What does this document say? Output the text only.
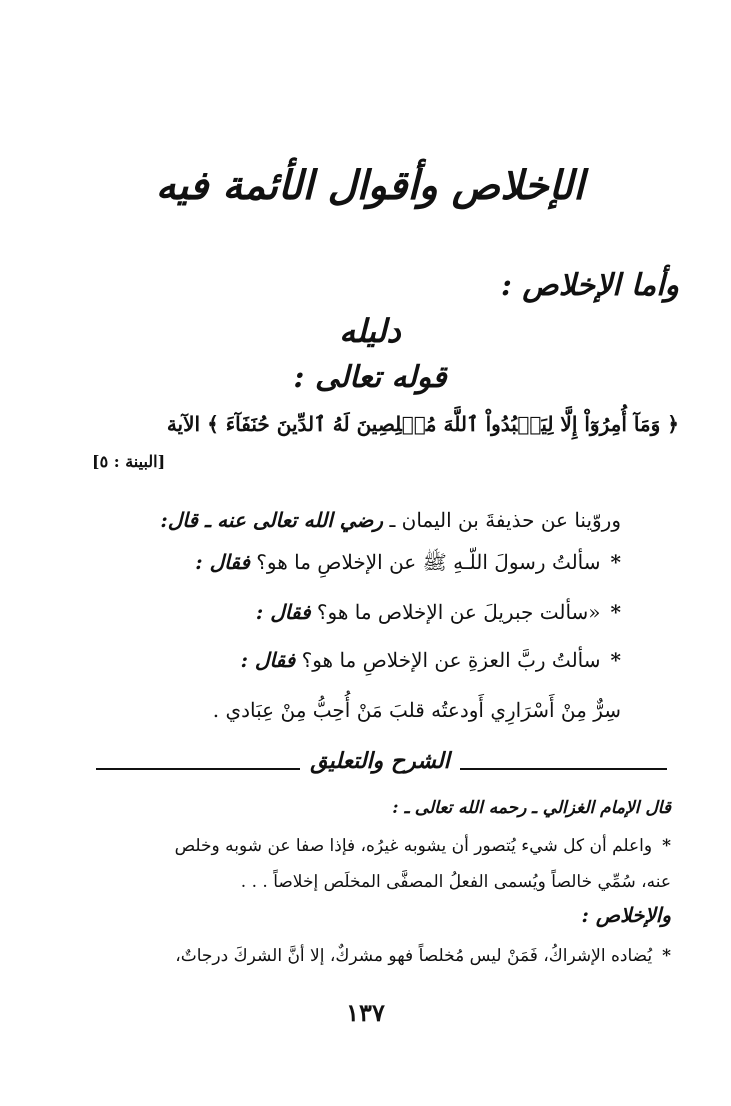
الإخلاص وأقوال الأئمة فيه
وأما الإخلاص :
دليله
قوله تعالى :
﴿ وَمَآ أُمِرُوٓاْ إِلَّا لِيَعۡبُدُواْ ٱللَّهَ مُخۡلِصِينَ لَهُ ٱلدِّينَ حُنَفَآءَ ﴾ الآية
[البينة : ٥]
وروّينا عن حذيفةَ بن اليمان ـ رضي الله تعالى عنه ـ قال:
*سألتُ رسولَ اللّـهِ ﷺ عن الإخلاصِ ما هو؟ فقال :
*«سألت جبريلَ عن الإخلاص ما هو؟ فقال :
*سألتُ ربَّ العزةِ عن الإخلاصِ ما هو؟ فقال :
سِرٌّ مِنْ أَسْرَارِي أَودعتُه قلبَ مَنْ أُحِبُّ مِنْ عِبَادي .
الشرح والتعليق
قال الإمام الغزالي ـ رحمه الله تعالى ـ :
*واعلم أن كل شيء يُتصور أن يشوبه غيرُه، فإذا صفا عن شوبه وخلص
عنه، سُمِّي خالصاً ويُسمى الفعلُ المصفَّى المخلَص إخلاصاً . . .
والإخلاص :
*يُضاده الإشراكُ، فَمَنْ ليس مُخلصاً فهو مشركٌ، إلا أنَّ الشركَ درجاتٌ،
١٣٧
